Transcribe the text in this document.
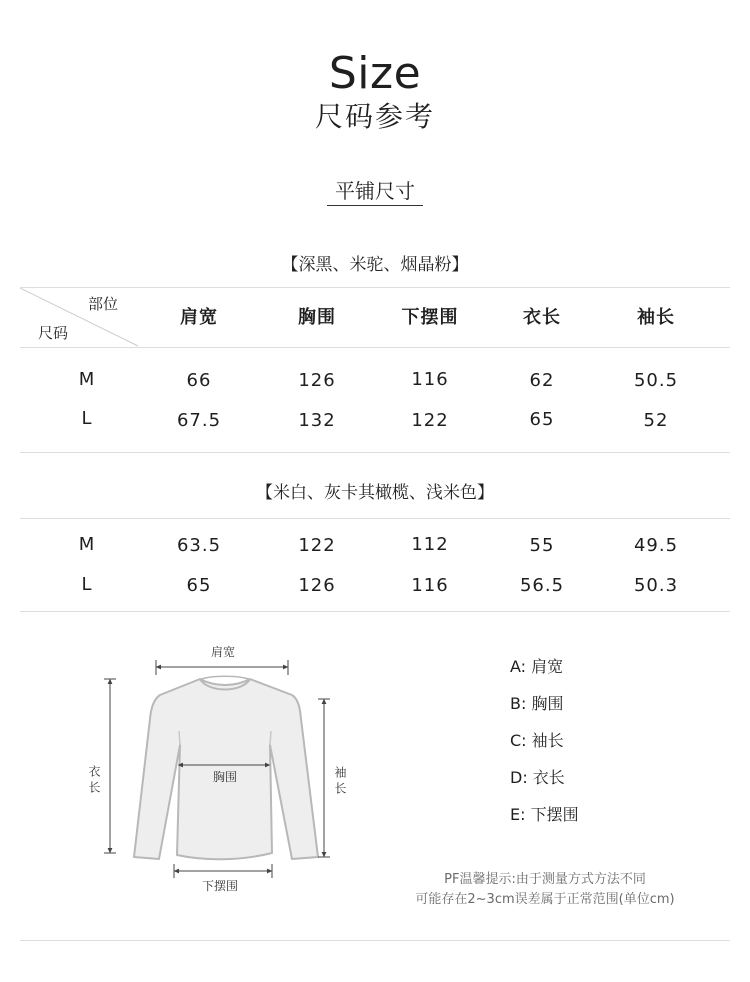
Size
尺码参考
平铺尺寸
【深黑、米驼、烟晶粉】
部位
尺码
肩宽	胸围	下摆围	衣长	袖长
M	66	126	116	62	50.5
L	67.5	132	122	65	52
【米白、灰卡其橄榄、浅米色】
M	63.5	122	112	55	49.5
L	65	126	116	56.5	50.3
肩宽
胸围
下摆围
衣长	袖长
A: 肩宽
B: 胸围
C: 袖长
D: 衣长
E: 下摆围
PF温馨提示:由于测量方式方法不同
可能存在2~3cm误差属于正常范围(单位cm)
